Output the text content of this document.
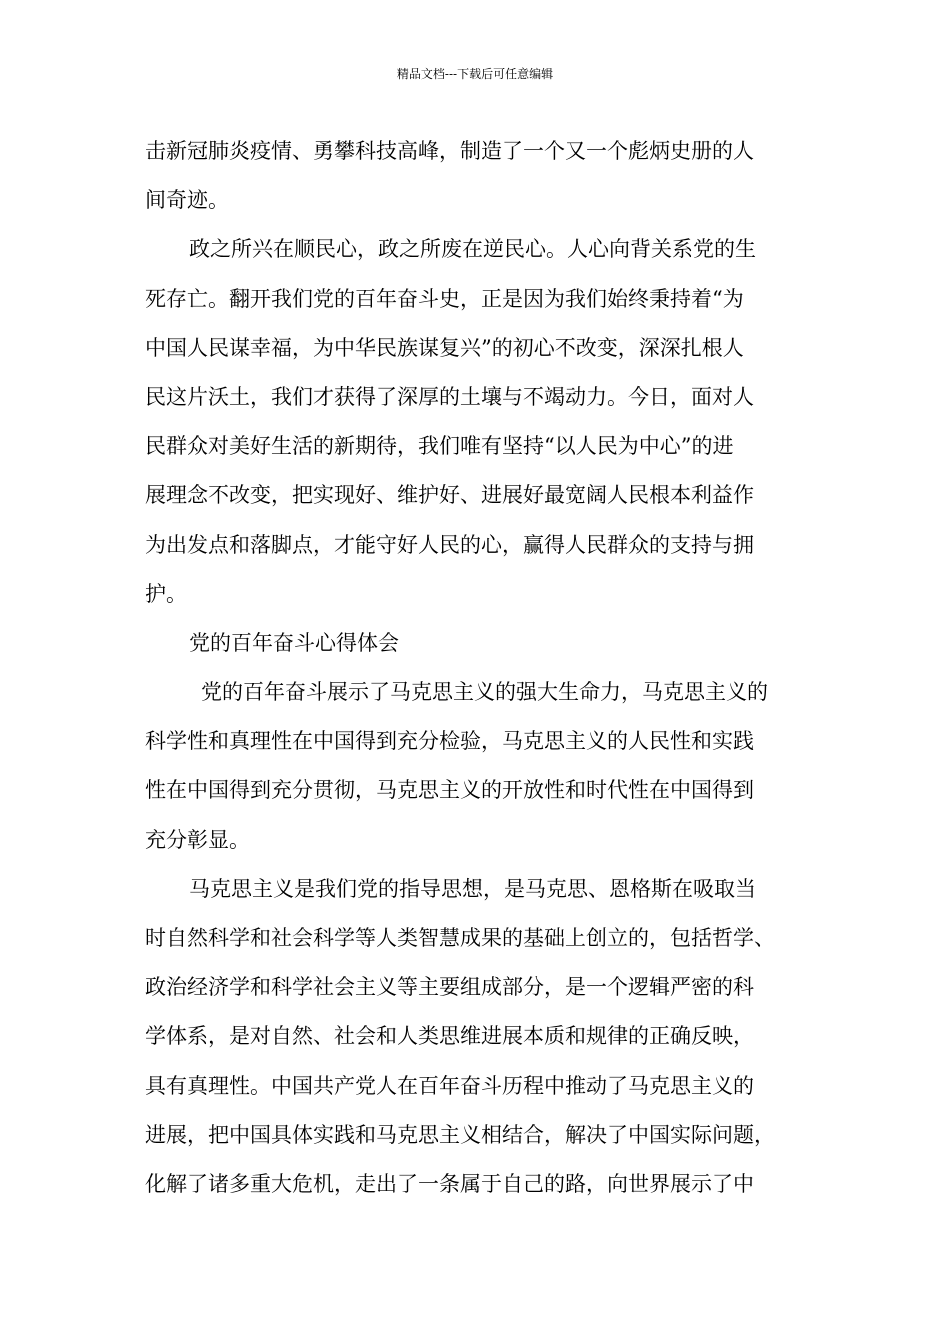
精品文档---下载后可任意编辑
击新冠肺炎疫情、勇攀科技高峰，制造了一个又一个彪炳史册的人
间奇迹。
政之所兴在顺民心，政之所废在逆民心。人心向背关系党的生
死存亡。翻开我们党的百年奋斗史，正是因为我们始终秉持着“为
中国人民谋幸福，为中华民族谋复兴”的初心不改变，深深扎根人
民这片沃土，我们才获得了深厚的土壤与不竭动力。今日，面对人
民群众对美好生活的新期待，我们唯有坚持“以人民为中心”的进
展理念不改变，把实现好、维护好、进展好最宽阔人民根本利益作
为出发点和落脚点，才能守好人民的心，赢得人民群众的支持与拥
护。
党的百年奋斗心得体会
党的百年奋斗展示了马克思主义的强大生命力，马克思主义的
科学性和真理性在中国得到充分检验，马克思主义的人民性和实践
性在中国得到充分贯彻，马克思主义的开放性和时代性在中国得到
充分彰显。
马克思主义是我们党的指导思想，是马克思、恩格斯在吸取当
时自然科学和社会科学等人类智慧成果的基础上创立的，包括哲学、
政治经济学和科学社会主义等主要组成部分，是一个逻辑严密的科
学体系，是对自然、社会和人类思维进展本质和规律的正确反映，
具有真理性。中国共产党人在百年奋斗历程中推动了马克思主义的
进展，把中国具体实践和马克思主义相结合，解决了中国实际问题，
化解了诸多重大危机，走出了一条属于自己的路，向世界展示了中
